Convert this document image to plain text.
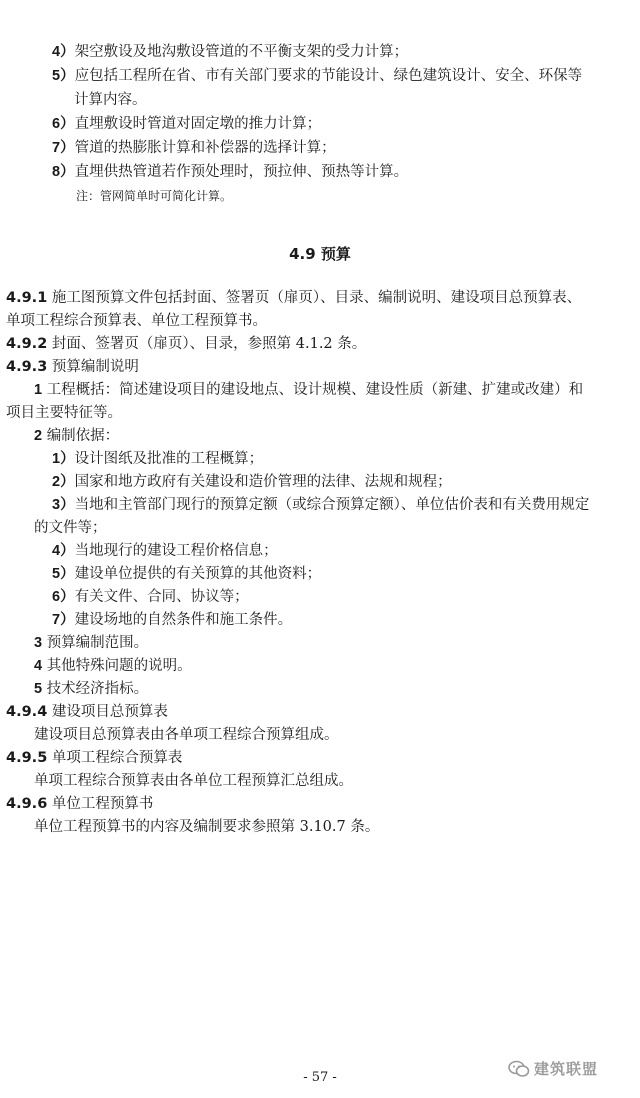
4）架空敷设及地沟敷设管道的不平衡支架的受力计算；
5）应包括工程所在省、市有关部门要求的节能设计、绿色建筑设计、安全、环保等
计算内容。
6）直埋敷设时管道对固定墩的推力计算；
7）管道的热膨胀计算和补偿器的选择计算；
8）直埋供热管道若作预处理时，预拉伸、预热等计算。
注：管网简单时可简化计算。
4.9 预算
4.9.1 施工图预算文件包括封面、签署页（扉页）、目录、编制说明、建设项目总预算表、
单项工程综合预算表、单位工程预算书。
4.9.2 封面、签署页（扉页）、目录，参照第 4.1.2 条。
4.9.3 预算编制说明
1 工程概括：简述建设项目的建设地点、设计规模、建设性质（新建、扩建或改建）和
项目主要特征等。
2 编制依据：
1）设计图纸及批准的工程概算；
2）国家和地方政府有关建设和造价管理的法律、法规和规程；
3）当地和主管部门现行的预算定额（或综合预算定额）、单位估价表和有关费用规定
的文件等；
4）当地现行的建设工程价格信息；
5）建设单位提供的有关预算的其他资料；
6）有关文件、合同、协议等；
7）建设场地的自然条件和施工条件。
3 预算编制范围。
4 其他特殊问题的说明。
5 技术经济指标。
4.9.4 建设项目总预算表
建设项目总预算表由各单项工程综合预算组成。
4.9.5 单项工程综合预算表
单项工程综合预算表由各单位工程预算汇总组成。
4.9.6 单位工程预算书
单位工程预算书的内容及编制要求参照第 3.10.7 条。
- 57 -	建筑联盟
